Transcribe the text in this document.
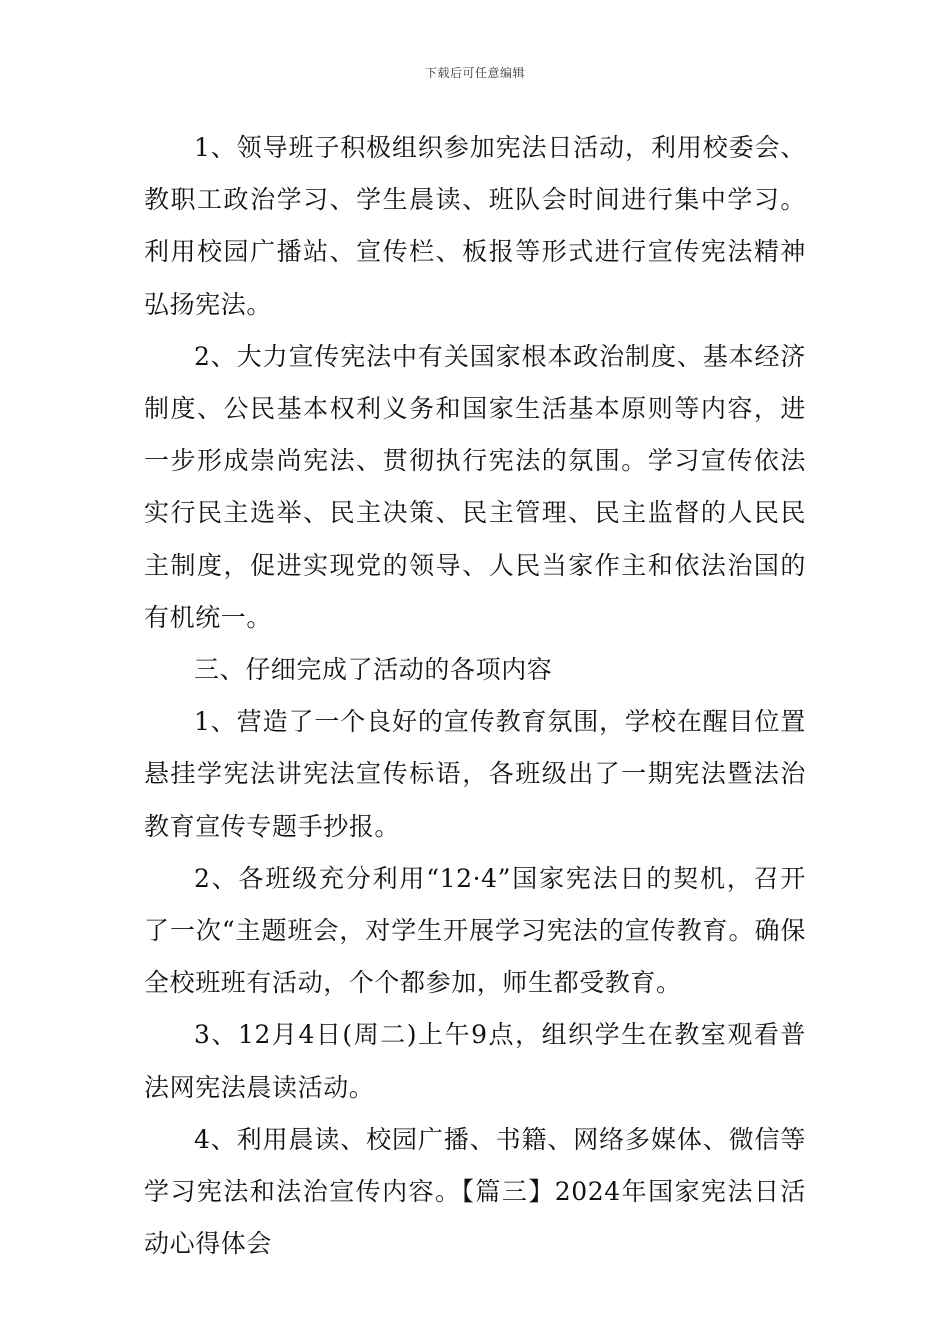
下载后可任意编辑

1、领导班子积极组织参加宪法日活动，利用校委会、教职工政治学习、学生晨读、班队会时间进行集中学习。利用校园广播站、宣传栏、板报等形式进行宣传宪法精神弘扬宪法。

2、大力宣传宪法中有关国家根本政治制度、基本经济制度、公民基本权利义务和国家生活基本原则等内容，进一步形成崇尚宪法、贯彻执行宪法的氛围。学习宣传依法实行民主选举、民主决策、民主管理、民主监督的人民民主制度，促进实现党的领导、人民当家作主和依法治国的有机统一。

三、仔细完成了活动的各项内容

1、营造了一个良好的宣传教育氛围，学校在醒目位置悬挂学宪法讲宪法宣传标语，各班级出了一期宪法暨法治教育宣传专题手抄报。

2、各班级充分利用“12·4”国家宪法日的契机，召开了一次“主题班会，对学生开展学习宪法的宣传教育。确保全校班班有活动，个个都参加，师生都受教育。

3、12月4日(周二)上午9点，组织学生在教室观看普法网宪法晨读活动。

4、利用晨读、校园广播、书籍、网络多媒体、微信等学习宪法和法治宣传内容。【篇三】2024年国家宪法日活动心得体会
